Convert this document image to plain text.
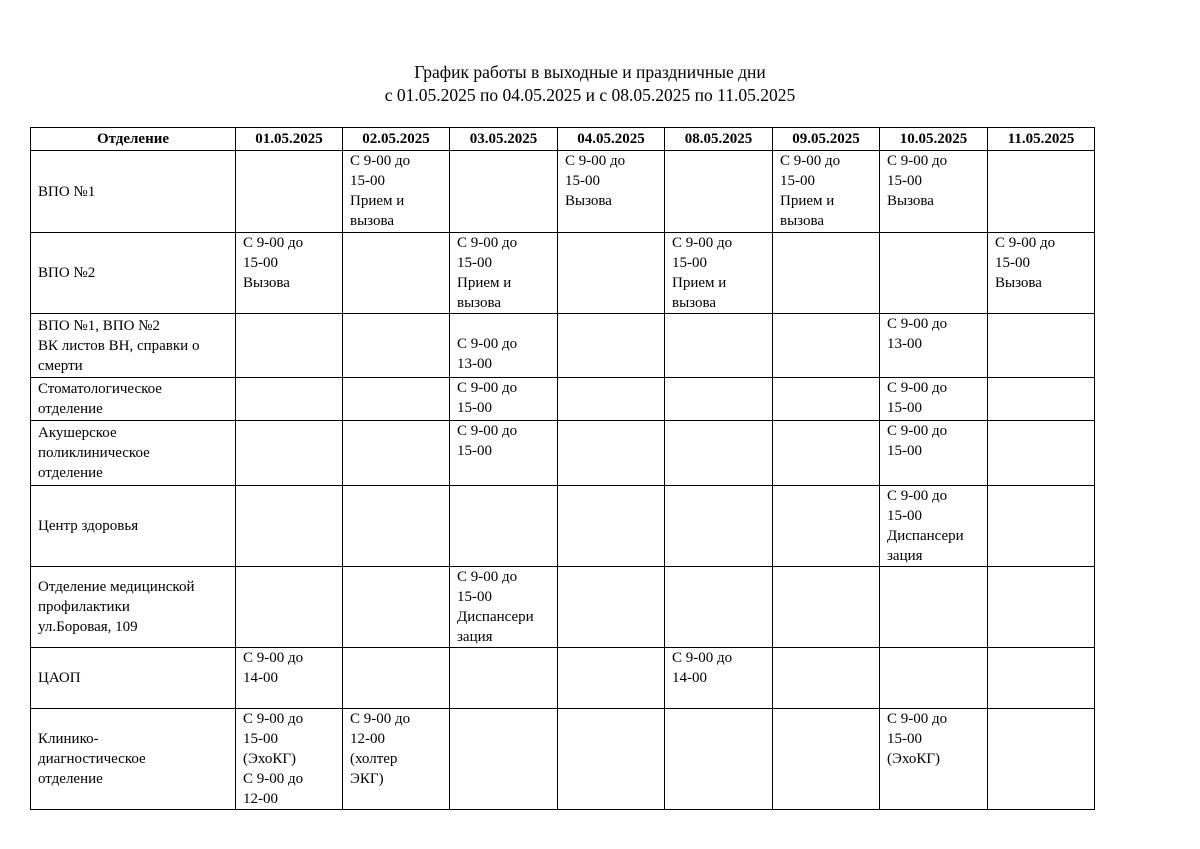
График работы в выходные и праздничные дни
с 01.05.2025 по 04.05.2025 и с 08.05.2025 по 11.05.2025
Отделение	01.05.2025	02.05.2025	03.05.2025	04.05.2025	08.05.2025	09.05.2025	10.05.2025	11.05.2025
ВПО №1		С 9-00 до
15-00
Прием и
вызова		С 9-00 до
15-00
Вызова		С 9-00 до
15-00
Прием и
вызова	С 9-00 до
15-00
Вызова	
ВПО №2	С 9-00 до
15-00
Вызова		С 9-00 до
15-00
Прием и
вызова		С 9-00 до
15-00
Прием и
вызова			С 9-00 до
15-00
Вызова
ВПО №1, ВПО №2
ВК листов ВН, справки о
смерти			
С 9-00 до
13-00				С 9-00 до
13-00	
Стоматологическое
отделение			С 9-00 до
15-00				С 9-00 до
15-00	
Акушерское
поликлиническое
отделение			С 9-00 до
15-00				С 9-00 до
15-00	
Центр здоровья							С 9-00 до
15-00
Диспансери
зация	
Отделение медицинской
профилактики
ул.Боровая, 109			С 9-00 до
15-00
Диспансери
зация					
ЦАОП	С 9-00 до
14-00				С 9-00 до
14-00			
Клинико-
диагностическое
отделение	С 9-00 до
15-00
(ЭхоКГ)
С 9-00 до
12-00	С 9-00 до
12-00
(холтер
ЭКГ)					С 9-00 до
15-00
(ЭхоКГ)	
